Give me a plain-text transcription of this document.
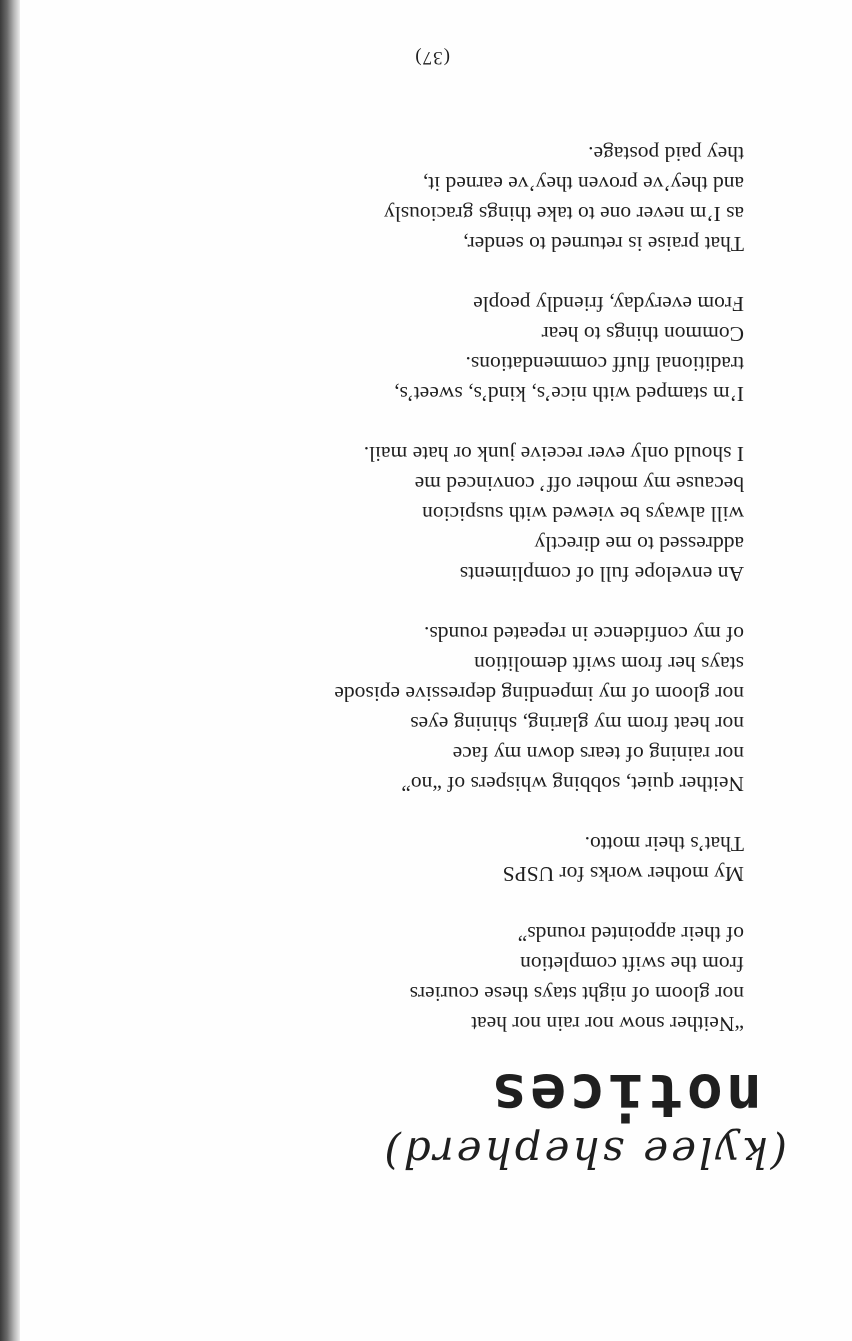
(kylee shepherd)

notices

“Neither snow nor rain nor heat
nor gloom of night stays these couriers
from the swift completion
of their appointed rounds”
My mother works for USPS
That’s their motto.
Neither quiet, sobbing whispers of “no”
nor raining of tears down my face
nor heat from my glaring, shining eyes
nor gloom of my impending depressive episode
stays her from swift demolition
of my confidence in repeated rounds.
An envelope full of compliments
addressed to me directly
will always be viewed with suspicion
because my mother off’ convinced me
I should only ever receive junk or hate mail.
I’m stamped with nice’s, kind’s, sweet’s,
traditional fluff commendations.
Common things to hear
From everyday, friendly people
That praise is returned to sender,
as I’m never one to take things graciously
and they’ve proven they’ve earned it,
they paid postage.
(37)
